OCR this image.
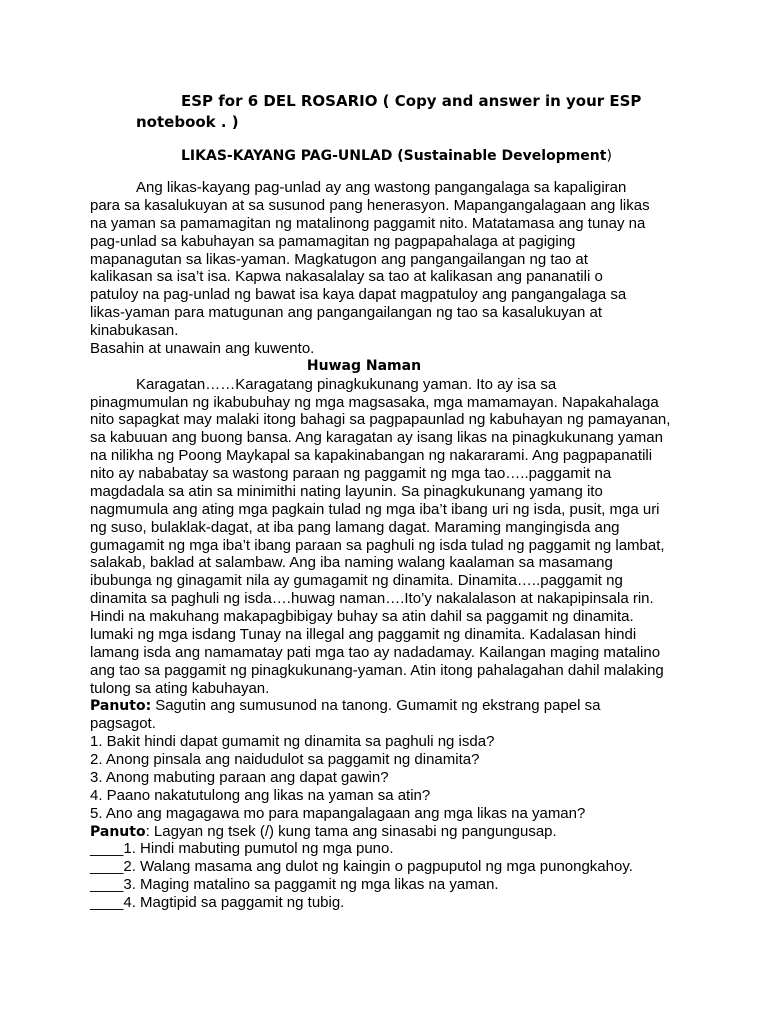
ESP for 6 DEL ROSARIO ( Copy and answer in your ESP
notebook . )
LIKAS-KAYANG PAG-UNLAD (Sustainable Development)
Ang likas-kayang pag-unlad ay ang wastong pangangalaga sa kapaligiran
para sa kasalukuyan at sa susunod pang henerasyon. Mapangangalagaan ang likas
na yaman sa pamamagitan ng matalinong paggamit nito. Matatamasa ang tunay na
pag-unlad sa kabuhayan sa pamamagitan ng pagpapahalaga at pagiging
mapanagutan sa likas-yaman. Magkatugon ang pangangailangan ng tao at
kalikasan sa isa’t isa. Kapwa nakasalalay sa tao at kalikasan ang pananatili o
patuloy na pag-unlad ng bawat isa kaya dapat magpatuloy ang pangangalaga sa
likas-yaman para matugunan ang pangangailangan ng tao sa kasalukuyan at
kinabukasan.
Basahin at unawain ang kuwento.
Huwag Naman
Karagatan……Karagatang pinagkukunang yaman. Ito ay isa sa
pinagmumulan ng ikabubuhay ng mga magsasaka, mga mamamayan. Napakahalaga
nito sapagkat may malaki itong bahagi sa pagpapaunlad ng kabuhayan ng pamayanan,
sa kabuuan ang buong bansa. Ang karagatan ay isang likas na pinagkukunang yaman
na nilikha ng Poong Maykapal sa kapakinabangan ng nakararami. Ang pagpapanatili
nito ay nababatay sa wastong paraan ng paggamit ng mga tao…..paggamit na
magdadala sa atin sa minimithi nating layunin. Sa pinagkukunang yamang ito
nagmumula ang ating mga pagkain tulad ng mga iba’t ibang uri ng isda, pusit, mga uri
ng suso, bulaklak-dagat, at iba pang lamang dagat. Maraming mangingisda ang
gumagamit ng mga iba’t ibang paraan sa paghuli ng isda tulad ng paggamit ng lambat,
salakab, baklad at salambaw. Ang iba naming walang kaalaman sa masamang
ibubunga ng ginagamit nila ay gumagamit ng dinamita. Dinamita…..paggamit ng
dinamita sa paghuli ng isda….huwag naman….Ito’y nakalalason at nakapipinsala rin.
Hindi na makuhang makapagbibigay buhay sa atin dahil sa paggamit ng dinamita.
lumaki ng mga isdang Tunay na illegal ang paggamit ng dinamita. Kadalasan hindi
lamang isda ang namamatay pati mga tao ay nadadamay. Kailangan maging matalino
ang tao sa paggamit ng pinagkukunang-yaman. Atin itong pahalagahan dahil malaking
tulong sa ating kabuhayan.
Panuto: Sagutin ang sumusunod na tanong. Gumamit ng ekstrang papel sa
pagsagot.
1. Bakit hindi dapat gumamit ng dinamita sa paghuli ng isda?
2. Anong pinsala ang naidudulot sa paggamit ng dinamita?
3. Anong mabuting paraan ang dapat gawin?
4. Paano nakatutulong ang likas na yaman sa atin?
5. Ano ang magagawa mo para mapangalagaan ang mga likas na yaman?
Panuto: Lagyan ng tsek (/) kung tama ang sinasabi ng pangungusap.
____1. Hindi mabuting pumutol ng mga puno.
____2. Walang masama ang dulot ng kaingin o pagpuputol ng mga punongkahoy.
____3. Maging matalino sa paggamit ng mga likas na yaman.
____4. Magtipid sa paggamit ng tubig.
